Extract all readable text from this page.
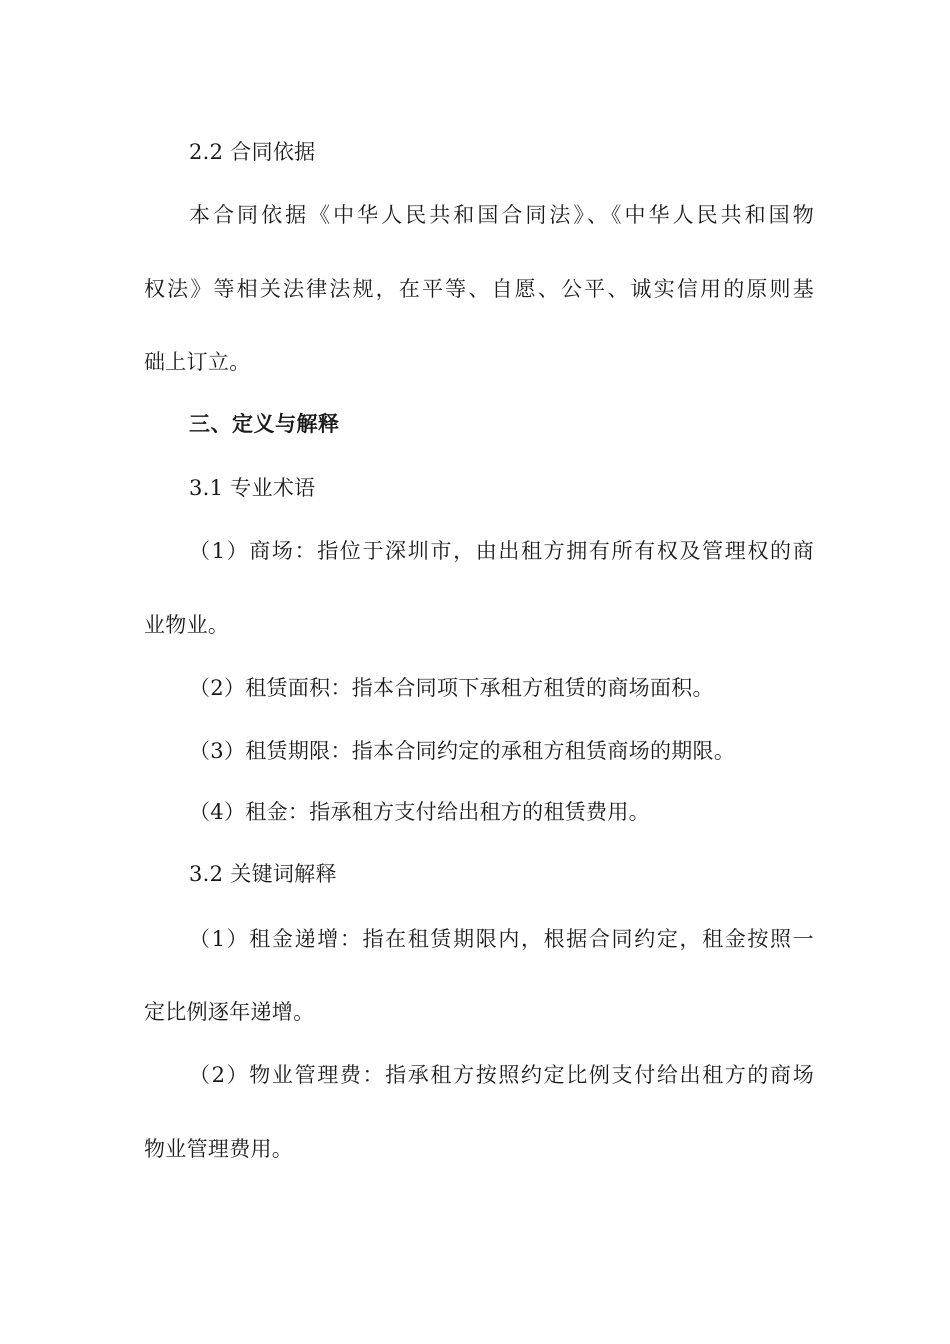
2.2 合同依据
本合同依据《中华人民共和国合同法》、《中华人民共和国物
权法》等相关法律法规，在平等、自愿、公平、诚实信用的原则基
础上订立。
三、定义与解释
3.1 专业术语
（1）商场：指位于深圳市，由出租方拥有所有权及管理权的商
业物业。
（2）租赁面积：指本合同项下承租方租赁的商场面积。
（3）租赁期限：指本合同约定的承租方租赁商场的期限。
（4）租金：指承租方支付给出租方的租赁费用。
3.2 关键词解释
（1）租金递增：指在租赁期限内，根据合同约定，租金按照一
定比例逐年递增。
（2）物业管理费：指承租方按照约定比例支付给出租方的商场
物业管理费用。
